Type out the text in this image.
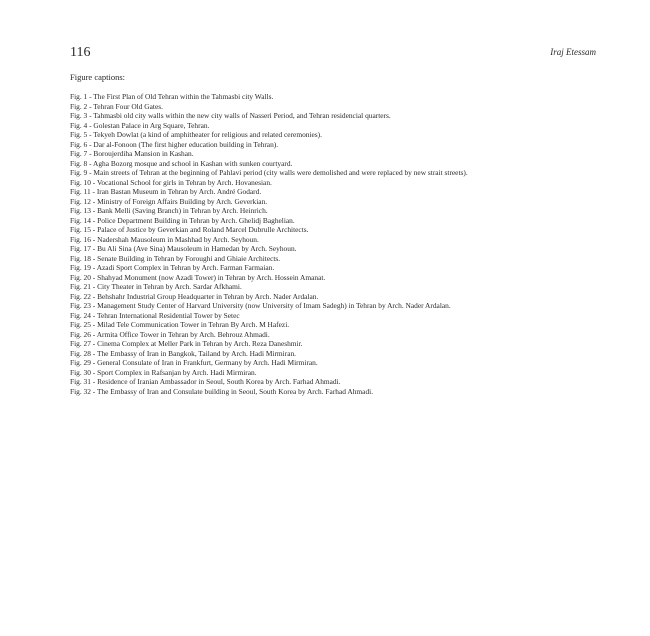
116	Iraj Etessam
Figure captions:
Fig. 1 - The First Plan of Old Tehran within the Tahmasbi city Walls.
Fig. 2 - Tehran Four Old Gates.
Fig. 3 - Tahmasbi old city walls within the new city walls of Nasseri Period, and Tehran residencial quarters.
Fig. 4 - Golestan Palace in Arg Square, Tehran.
Fig. 5 - Tekyeh Dowlat (a kind of amphitheater for religious and related ceremonies).
Fig. 6 - Dar al-Fonoon (The first higher education building in Tehran).
Fig. 7 - Boroujerdiha Mansion in Kashan.
Fig. 8 - Agha Bozorg mosque and school in Kashan with sunken courtyard.
Fig. 9 - Main streets of Tehran at the beginning of Pahlavi period (city walls were demolished and were replaced by new strait streets).
Fig. 10 - Vocational School for girls in Tehran by Arch. Hovanesian.
Fig. 11 - Iran Bastan Museum in Tehran by Arch. André Godard.
Fig. 12 - Ministry of Foreign Affairs Building by Arch. Geverkian.
Fig. 13 - Bank Melli (Saving Branch) in Tehran by Arch. Heinrich.
Fig. 14 - Police Department Building in Tehran by Arch. Ghelidj Baghelian.
Fig. 15 - Palace of Justice by Geverkian and Roland Marcel Dubrulle Architects.
Fig. 16 - Nadershah Mausoleum in Mashhad by Arch. Seyhoun.
Fig. 17 - Bu Ali Sina (Ave Sina) Mausoleum in Hamedan by Arch. Seyhoun.
Fig. 18 - Senate Building in Tehran by Foroughi and Ghiaie Architects.
Fig. 19 - Azadi Sport Complex in Tehran by Arch. Farman Farmaian.
Fig. 20 - Shahyad Monument (now Azadi Tower) in Tehran by Arch. Hossein Amanat.
Fig. 21 - City Theater in Tehran by Arch. Sardar Afkhami.
Fig. 22 - Behshahr Industrial Group Headquarter in Tehran by Arch. Nader Ardalan.
Fig. 23 - Management Study Center of Harvard University (now University of Imam Sadegh) in Tehran by Arch. Nader Ardalan.
Fig. 24 - Tehran International Residential Tower by Setec
Fig. 25 - Milad Tele Communication Tower in Tehran By Arch. M Hafezi.
Fig. 26 - Armita Office Tower in Tehran by Arch. Behrouz Ahmadi.
Fig. 27 - Cinema Complex at Meller Park in Tehran by Arch. Reza Daneshmir.
Fig. 28 - The Embassy of Iran in Bangkok, Tailand by Arch. Hadi Mirmiran.
Fig. 29 - General Consulate of Iran in Frankfurt, Germany by Arch. Hadi Mirmiran.
Fig. 30 - Sport Complex in Rafsanjan by Arch. Hadi Mirmiran.
Fig. 31 - Residence of Iranian Ambassador in Seoul, South Korea by Arch. Farhad Ahmadi.
Fig. 32 - The Embassy of Iran and Consulate building in Seoul, South Korea by Arch. Farhad Ahmadi.
